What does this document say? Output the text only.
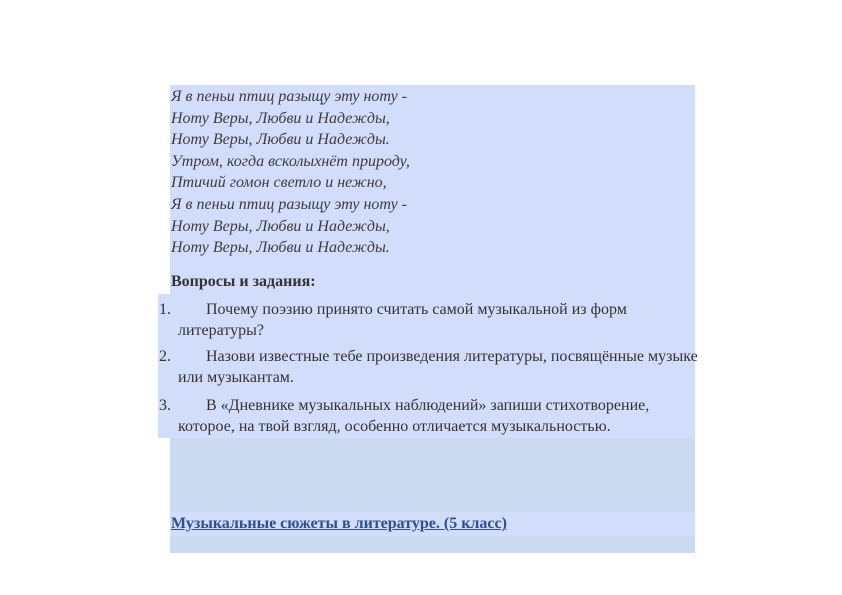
Я в пеньи птиц разыщу эту ноту -
Ноту Веры, Любви и Надежды,
Ноту Веры, Любви и Надежды.
Утром, когда всколыхнёт природу,
Птичий гомон светло и нежно,
Я в пеньи птиц разыщу эту ноту -
Ноту Веры, Любви и Надежды,
Ноту Веры, Любви и Надежды.
Вопросы и задания:
1.	Почему поэзию принято считать самой музыкальной из форм литературы?
2.	Назови известные тебе произведения литературы, посвящённые музыке или музыкантам.
3.	В «Дневнике музыкальных наблюдений» запиши стихотворение, которое, на твой взгляд, особенно отличается музыкальностью.
Музыкальные сюжеты в литературе. (5 класс)
